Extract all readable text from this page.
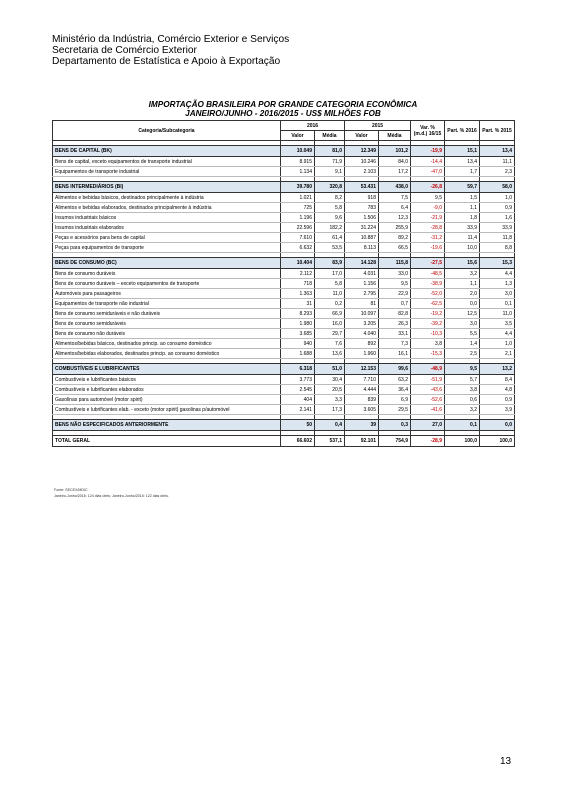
Ministério da Indústria, Comércio Exterior e Serviços
Secretaria de Comércio Exterior
Departamento de Estatística e Apoio à Exportação
IMPORTAÇÃO BRASILEIRA POR GRANDE CATEGORIA ECONÔMICA
JANEIRO/JUNHO - 2016/2015 - US$ MILHÕES FOB
Categoria/Subcategoria	2016		2015		Var. % (m.d.) 16/15	Part. % 2016	Part. % 2015
	Valor	Média	Valor	Média			

BENS DE CAPITAL (BK)	10.049	81,0	12.349	101,2	-19,9	15,1	13,4
Bens de capital, exceto equipamentos de transporte industrial	8.915	71,9	10.246	84,0	-14,4	13,4	11,1
Equipamentos de transporte industrial	1.134	9,1	2.103	17,2	-47,0	1,7	2,3

BENS INTERMEDIÁRIOS (BI)	39.780	320,8	53.431	438,0	-26,8	59,7	58,0
Alimentos e bebidas básicos, destinados principalmente à indústria	1.021	8,2	918	7,5	9,5	1,5	1,0
Alimentos e bebidas elaborados, destinados principalmente à indústria	725	5,8	783	6,4	-9,0	1,1	0,9
Insumos industriais básicos	1.196	9,6	1.506	12,3	-21,9	1,8	1,6
Insumos industriais elaborados	22.596	182,2	31.224	255,9	-28,8	33,9	33,9
Peças e acessórios para bens de capital	7.610	61,4	10.887	89,2	-31,2	11,4	11,8
Peças para equipamentos de transporte	6.632	53,5	8.113	66,5	-19,6	10,0	8,8

BENS DE CONSUMO (BC)	10.404	83,9	14.128	115,8	-27,5	15,6	15,3
Bens de consumo duráveis	2.112	17,0	4.031	33,0	-48,5	3,2	4,4
Bens de consumo duráveis – exceto equipamentos de transporte	718	5,8	1.156	9,5	-38,9	1,1	1,3
Automóveis para passageiros	1.363	11,0	2.795	22,9	-52,0	2,0	3,0
Equipamentos de transporte não industrial	31	0,2	81	0,7	-62,5	0,0	0,1
Bens de consumo semiduráveis e não duráveis	8.293	66,9	10.097	82,8	-19,2	12,5	11,0
Bens de consumo semiduráveis	1.980	16,0	3.205	26,3	-39,2	3,0	3,5
Bens de consumo não duráveis	3.685	29,7	4.040	33,1	-10,3	5,5	4,4
Alimentos/bebidas básicos, destinados princip. ao consumo doméstico	940	7,6	892	7,3	3,8	1,4	1,0
Alimentos/bebidas elaborados, destinados princip. ao consumo doméstico	1.688	13,6	1.960	16,1	-15,3	2,5	2,1

COMBUSTÍVEIS E LUBRIFICANTES	6.318	51,0	12.153	99,6	-48,9	9,5	13,2
Combustíveis e lubrificantes básicos	3.773	30,4	7.710	63,2	-51,9	5,7	8,4
Combustíveis e lubrificantes elaborados	2.545	20,5	4.444	36,4	-43,6	3,8	4,8
Gasolinas para automóvel (motor spirit)	404	3,3	839	6,9	-52,6	0,6	0,9
Combustíveis e lubrificantes elab. - exceto (motor spirit) gasolinas p/automóvel	2.141	17,3	3.605	29,5	-41,6	3,2	3,9

BENS NÃO ESPECIFICADOS ANTERIORMENTE	50	0,4	39	0,3	27,0	0,1	0,0

TOTAL GERAL	66.602	537,1	92.101	754,9	-28,9	100,0	100,0
Fonte: SECEX/MDIC
Janeiro-Junho/2016: 124 dias úteis; Janeiro-Junho/2015: 122 dias úteis.
13
